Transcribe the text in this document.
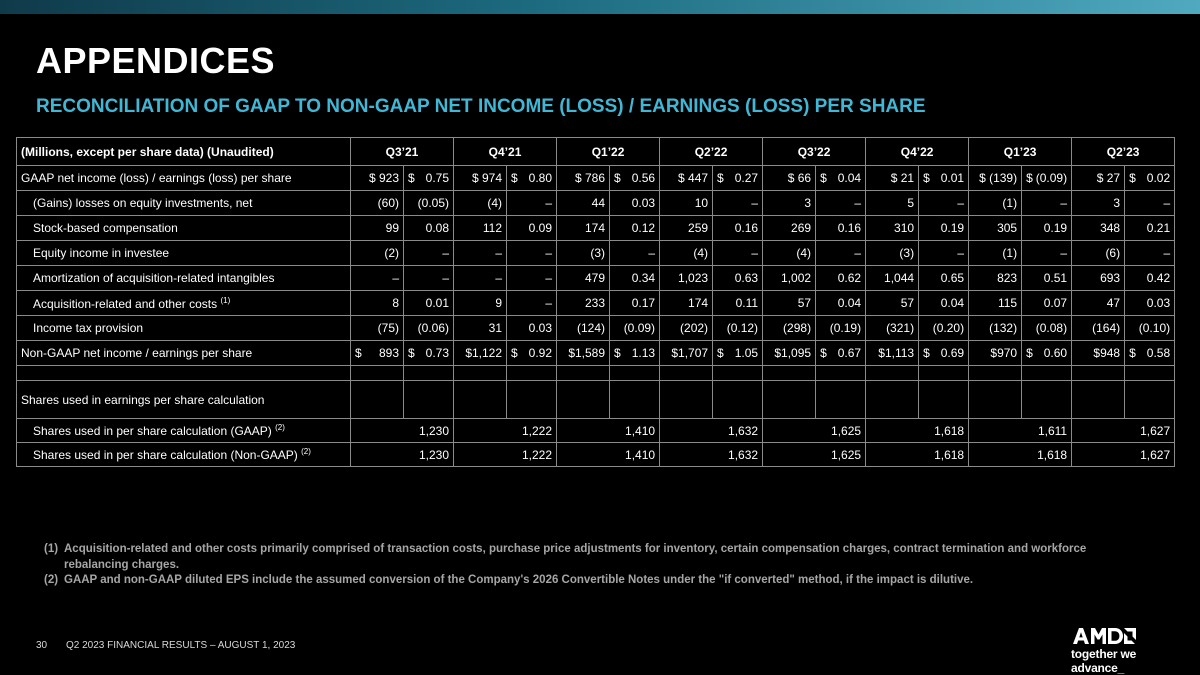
APPENDICES
RECONCILIATION OF GAAP TO NON-GAAP NET INCOME (LOSS) / EARNINGS (LOSS) PER SHARE
(Millions, except per share data) (Unaudited)	Q3’21		Q4’21		Q1’22		Q2’22		Q3’22		Q4’22		Q1’23		Q2’23	
GAAP net income (loss) / earnings (loss) per share	$ 923	$ 0.75	$ 974	$ 0.80	$ 786	$ 0.56	$ 447	$ 0.27	$ 66	$ 0.04	$ 21	$ 0.01	$ (139)	$ (0.09)	$ 27	$ 0.02
(Gains) losses on equity investments, net	(60)	(0.05)	(4)	–	44	0.03	10	–	3	–	5	–	(1)	–	3	–
Stock-based compensation	99	0.08	112	0.09	174	0.12	259	0.16	269	0.16	310	0.19	305	0.19	348	0.21
Equity income in investee	(2)	–	–	–	(3)	–	(4)	–	(4)	–	(3)	–	(1)	–	(6)	–
Amortization of acquisition-related intangibles	–	–	–	–	479	0.34	1,023	0.63	1,002	0.62	1,044	0.65	823	0.51	693	0.42
Acquisition-related and other costs $^{(1)}$	8	0.01	9	–	233	0.17	174	0.11	57	0.04	57	0.04	115	0.07	47	0.03
Income tax provision	(75)	(0.06)	31	0.03	(124)	(0.09)	(202)	(0.12)	(298)	(0.19)	(321)	(0.20)	(132)	(0.08)	(164)	(0.10)
Non-GAAP net income / earnings per share	$ 893	$ 0.73	$1,122	$ 0.92	$1,589	$ 1.13	$1,707	$ 1.05	$1,095	$ 0.67	$1,113	$ 0.69	$970	$ 0.60	$948	$ 0.58

Shares used in earnings per share calculation																
Shares used in per share calculation (GAAP) $^{(2)}$	1,230		1,222		1,410		1,632		1,625		1,618		1,611		1,627	
Shares used in per share calculation (Non-GAAP) $^{(2)}$	1,230		1,222		1,410		1,632		1,625		1,618		1,618		1,627	
(1) Acquisition-related and other costs primarily comprised of transaction costs, purchase price adjustments for inventory, certain compensation charges, contract termination and workforce rebalancing charges.
(2) GAAP and non-GAAP diluted EPS include the assumed conversion of the Company's 2026 Convertible Notes under the "if converted" method, if the impact is dilutive.
30 Q2 2023 FINANCIAL RESULTS – AUGUST 1, 2023
together we advance_
